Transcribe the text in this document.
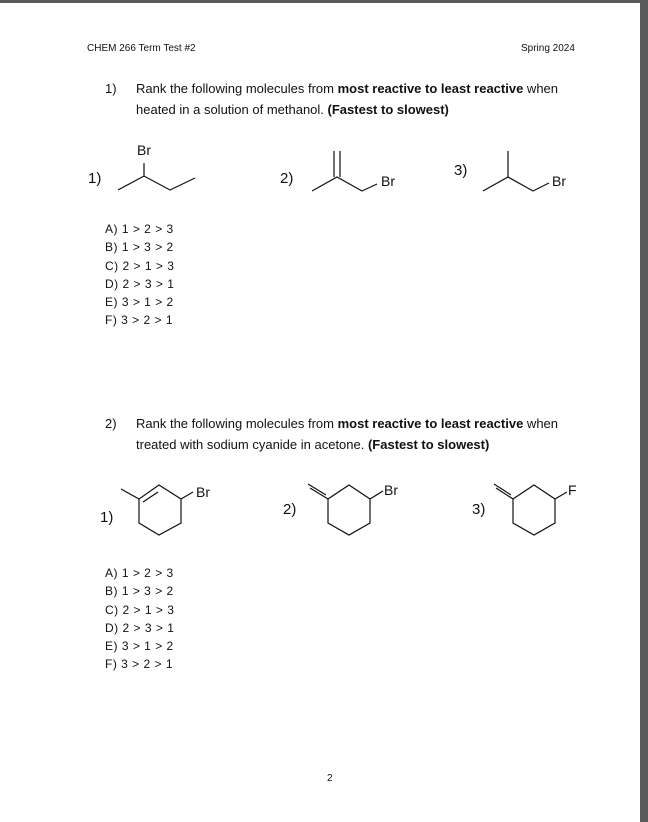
CHEM 266 Term Test #2	Spring 2024
1) Rank the following molecules from most reactive to least reactive when
heated in a solution of methanol. (Fastest to slowest)
1)	2)	3)
Br
Br	Br
A) 1 > 2 > 3
B) 1 > 3 > 2
C) 2 > 1 > 3
D) 2 > 3 > 1
E) 3 > 1 > 2
F) 3 > 2 > 1
2) Rank the following molecules from most reactive to least reactive when
treated with sodium cyanide in acetone. (Fastest to slowest)
1)	2)	3)
Br	Br	F
A) 1 > 2 > 3
B) 1 > 3 > 2
C) 2 > 1 > 3
D) 2 > 3 > 1
E) 3 > 1 > 2
F) 3 > 2 > 1
2
